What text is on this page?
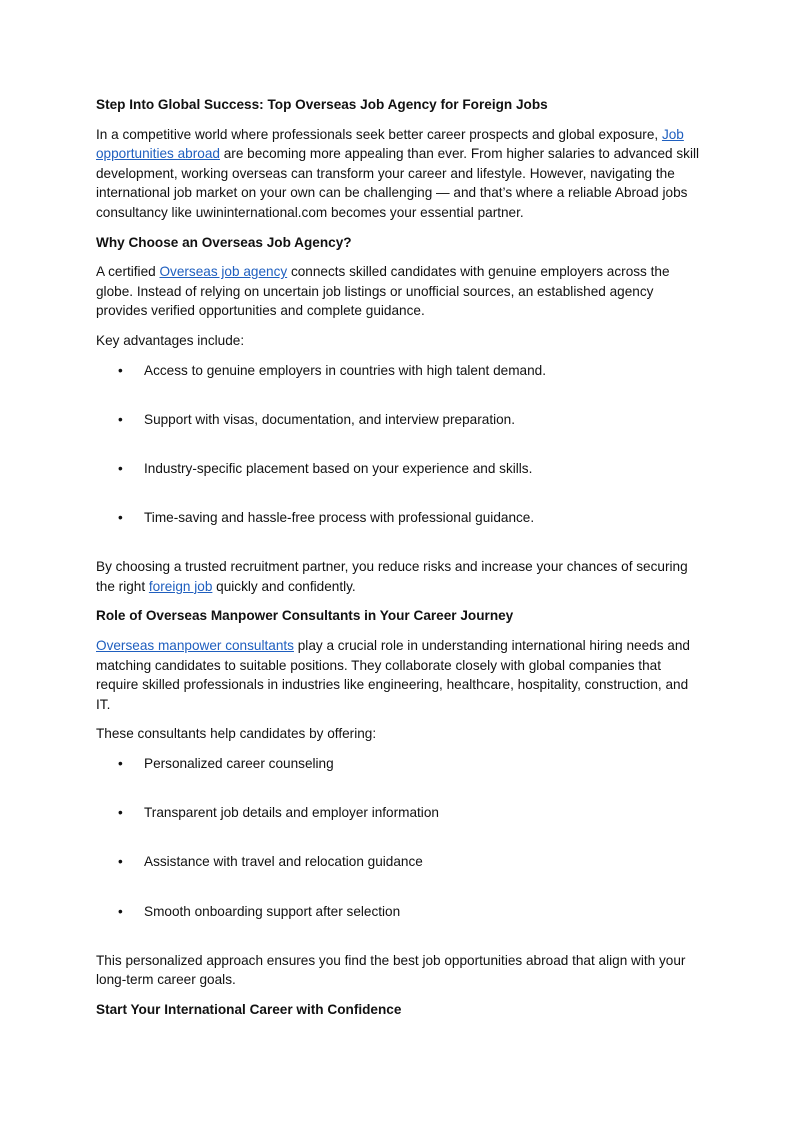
Step Into Global Success: Top Overseas Job Agency for Foreign Jobs

In a competitive world where professionals seek better career prospects and global exposure, Job opportunities abroad are becoming more appealing than ever. From higher salaries to advanced skill development, working overseas can transform your career and lifestyle. However, navigating the international job market on your own can be challenging — and that’s where a reliable Abroad jobs consultancy like uwininternational.com becomes your essential partner.

Why Choose an Overseas Job Agency?

A certified Overseas job agency connects skilled candidates with genuine employers across the globe. Instead of relying on uncertain job listings or unofficial sources, an established agency provides verified opportunities and complete guidance.

Key advantages include:

• Access to genuine employers in countries with high talent demand.
• Support with visas, documentation, and interview preparation.
• Industry-specific placement based on your experience and skills.
• Time-saving and hassle-free process with professional guidance.

By choosing a trusted recruitment partner, you reduce risks and increase your chances of securing the right foreign job quickly and confidently.

Role of Overseas Manpower Consultants in Your Career Journey

Overseas manpower consultants play a crucial role in understanding international hiring needs and matching candidates to suitable positions. They collaborate closely with global companies that require skilled professionals in industries like engineering, healthcare, hospitality, construction, and IT.

These consultants help candidates by offering:

• Personalized career counseling
• Transparent job details and employer information
• Assistance with travel and relocation guidance
• Smooth onboarding support after selection

This personalized approach ensures you find the best job opportunities abroad that align with your long-term career goals.

Start Your International Career with Confidence
